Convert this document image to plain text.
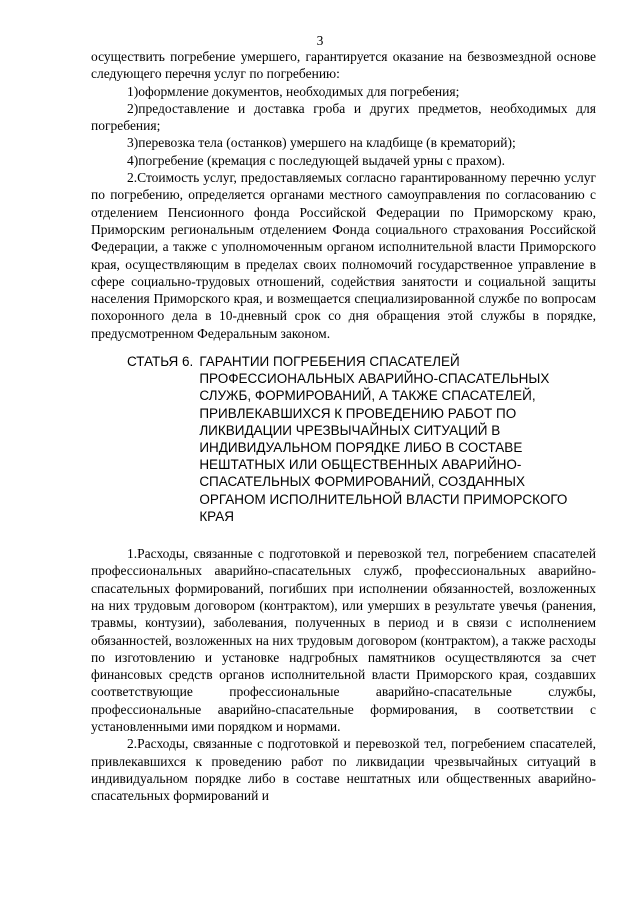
3

осуществить погребение умершего, гарантируется оказание на безвозмездной основе следующего перечня услуг по погребению:

1)оформление документов, необходимых для погребения;

2)предоставление и доставка гроба и других предметов, необходимых для погребения;

3)перевозка тела (останков) умершего на кладбище (в крематорий);

4)погребение (кремация с последующей выдачей урны с прахом).

2.Стоимость услуг, предоставляемых согласно гарантированному перечню услуг по погребению, определяется органами местного самоуправления по согласованию с отделением Пенсионного фонда Российской Федерации по Приморскому краю, Приморским региональным отделением Фонда социального страхования Российской Федерации, а также с уполномоченным органом исполнительной власти Приморского края, осуществляющим в пределах своих полномочий государственное управление в сфере социально-трудовых отношений, содействия занятости и социальной защиты населения Приморского края, и возмещается специализированной службе по вопросам похоронного дела в 10-дневный срок со дня обращения этой службы в порядке, предусмотренном Федеральным законом.

СТАТЬЯ 6. ГАРАНТИИ ПОГРЕБЕНИЯ СПАСАТЕЛЕЙ ПРОФЕССИОНАЛЬНЫХ АВАРИЙНО-СПАСАТЕЛЬНЫХ СЛУЖБ, ФОРМИРОВАНИЙ, А ТАКЖЕ СПАСАТЕЛЕЙ, ПРИВЛЕКАВШИХСЯ К ПРОВЕДЕНИЮ РАБОТ ПО ЛИКВИДАЦИИ ЧРЕЗВЫЧАЙНЫХ СИТУАЦИЙ В ИНДИВИДУАЛЬНОМ ПОРЯДКЕ ЛИБО В СОСТАВЕ НЕШТАТНЫХ ИЛИ ОБЩЕСТВЕННЫХ АВАРИЙНО-СПАСАТЕЛЬНЫХ ФОРМИРОВАНИЙ, СОЗДАННЫХ ОРГАНОМ ИСПОЛНИТЕЛЬНОЙ ВЛАСТИ ПРИМОРСКОГО КРАЯ

1.Расходы, связанные с подготовкой и перевозкой тел, погребением спасателей профессиональных аварийно-спасательных служб, профессиональных аварийно-спасательных формирований, погибших при исполнении обязанностей, возложенных на них трудовым договором (контрактом), или умерших в результате увечья (ранения, травмы, контузии), заболевания, полученных в период и в связи с исполнением обязанностей, возложенных на них трудовым договором (контрактом), а также расходы по изготовлению и установке надгробных памятников осуществляются за счет финансовых средств органов исполнительной власти Приморского края, создавших соответствующие профессиональные аварийно-спасательные службы, профессиональные аварийно-спасательные формирования, в соответствии с установленными ими порядком и нормами.

2.Расходы, связанные с подготовкой и перевозкой тел, погребением спасателей, привлекавшихся к проведению работ по ликвидации чрезвычайных ситуаций в индивидуальном порядке либо в составе нештатных или общественных аварийно-спасательных формирований и
